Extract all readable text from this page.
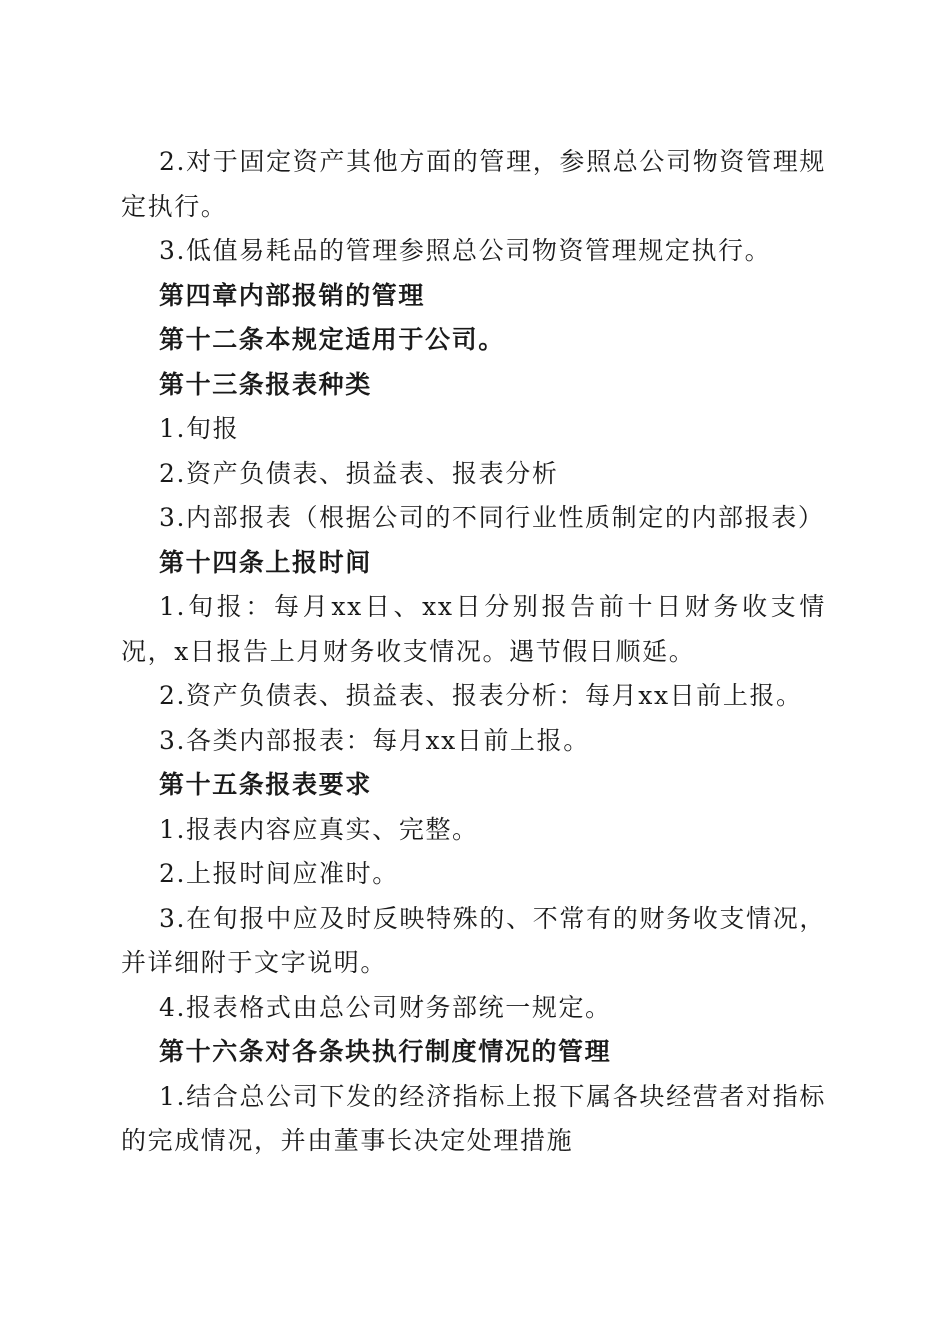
2.对于固定资产其他方面的管理，参照总公司物资管理规定执行。

3.低值易耗品的管理参照总公司物资管理规定执行。

第四章内部报销的管理

第十二条本规定适用于公司。

第十三条报表种类

1.旬报

2.资产负债表、损益表、报表分析

3.内部报表（根据公司的不同行业性质制定的内部报表）

第十四条上报时间

1.旬报：每月xx日、xx日分别报告前十日财务收支情况，x日报告上月财务收支情况。遇节假日顺延。

2.资产负债表、损益表、报表分析：每月xx日前上报。

3.各类内部报表：每月xx日前上报。

第十五条报表要求

1.报表内容应真实、完整。

2.上报时间应准时。

3.在旬报中应及时反映特殊的、不常有的财务收支情况，并详细附于文字说明。

4.报表格式由总公司财务部统一规定。

第十六条对各条块执行制度情况的管理

1.结合总公司下发的经济指标上报下属各块经营者对指标的完成情况，并由董事长决定处理措施
